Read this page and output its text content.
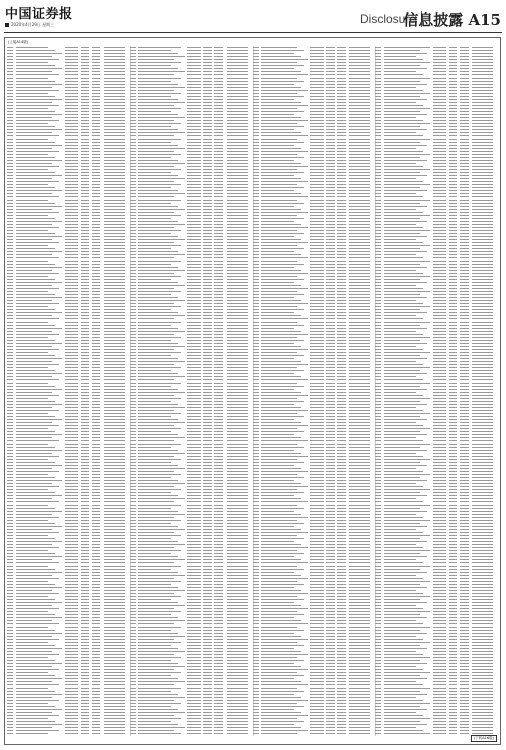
中国证券报
2020年4月29日 星期三	Disclosure
信息披露 A15
(上接A14版)
(下转A16版)
